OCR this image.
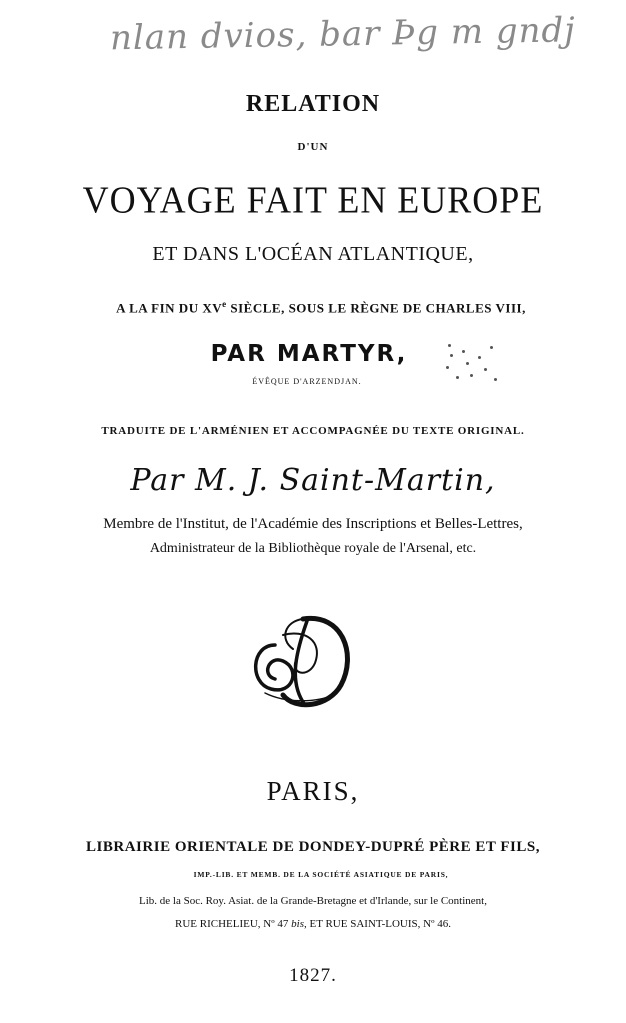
nlan dvios, bar Þg m gndj
RELATION
D'UN
VOYAGE FAIT EN EUROPE
ET DANS L'OCÉAN ATLANTIQUE,
A LA FIN DU XVe SIÈCLE, SOUS LE RÈGNE DE CHARLES VIII,
PAR MARTYR,
ÉVÊQUE D'ARZENDJAN.
TRADUITE DE L'ARMÉNIEN ET ACCOMPAGNÉE DU TEXTE ORIGINAL.
Par M. J. Saint-Martin,
Membre de l'Institut, de l'Académie des Inscriptions et Belles-Lettres,
Administrateur de la Bibliothèque royale de l'Arsenal, etc.
PARIS,
LIBRAIRIE ORIENTALE DE DONDEY-DUPRÉ PÈRE ET FILS,
IMP.-LIB. ET MEMB. DE LA SOCIÉTÉ ASIATIQUE DE PARIS,
Lib. de la Soc. Roy. Asiat. de la Grande-Bretagne et d'Irlande, sur le Continent,
RUE RICHELIEU, Nº 47 bis, ET RUE SAINT-LOUIS, Nº 46.
1827.
